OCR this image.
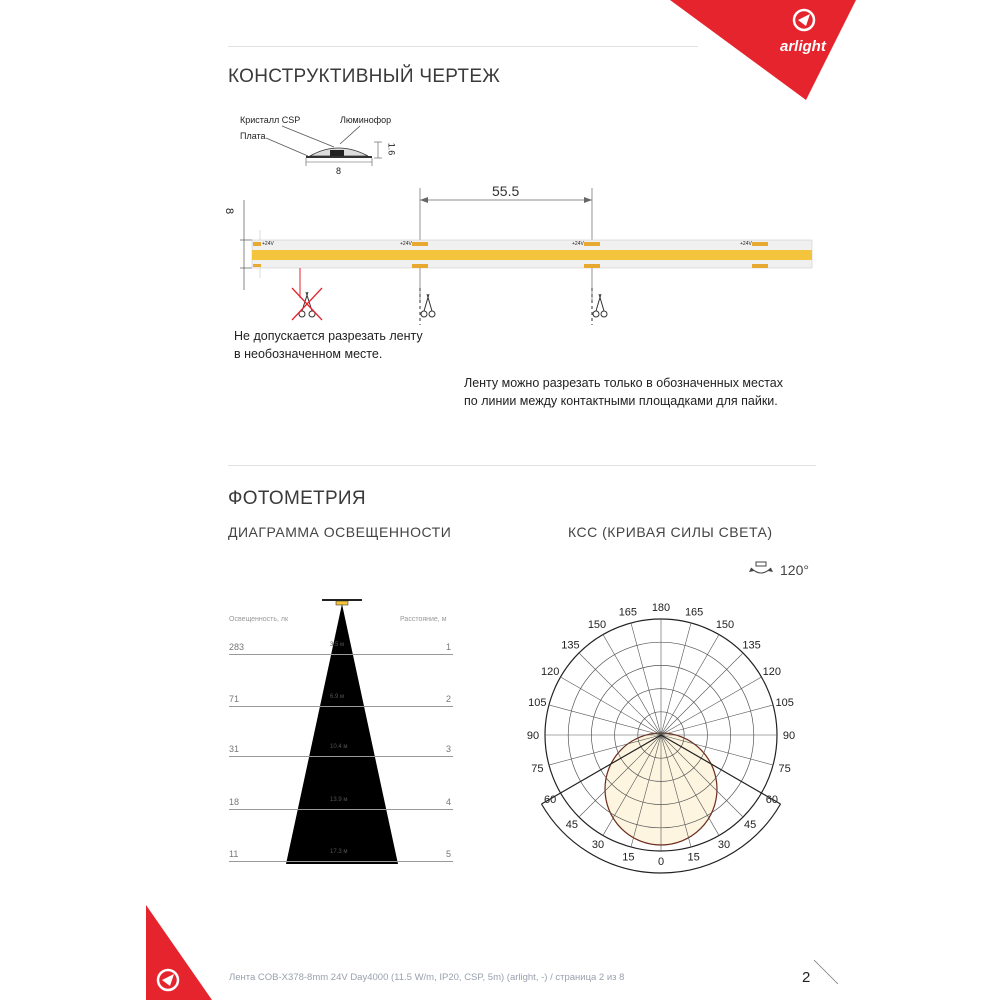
arlight
КОНСТРУКТИВНЫЙ ЧЕРТЕЖ
Кристалл CSP	Люминофор
Плата
8
1.6
8
55.5
+24V	+24V	+24V	+24V
Не допускается разрезать ленту
в необозначенном месте.
Ленту можно разрезать только в обозначенных местах
по линии между контактными площадками для пайки.
ФОТОМЕТРИЯ
ДИАГРАММА ОСВЕЩЕННОСТИ	КСС (КРИВАЯ СИЛЫ СВЕТА)
Освещенность, лк	Расстояние, м
283	1
3.5 м
71	2
6.9 м
31	3
10.4 м
18	4
13.9 м
11	5
17.3 м
180
165	165
150	150
135	135
120	120
105	105
90	90
75	75
60	60
45	45
30	30
15	15
0
120°
Лента COB-X378-8mm 24V Day4000 (11.5 W/m, IP20, CSP, 5m) (arlight, -) / страница 2 из 8	2
